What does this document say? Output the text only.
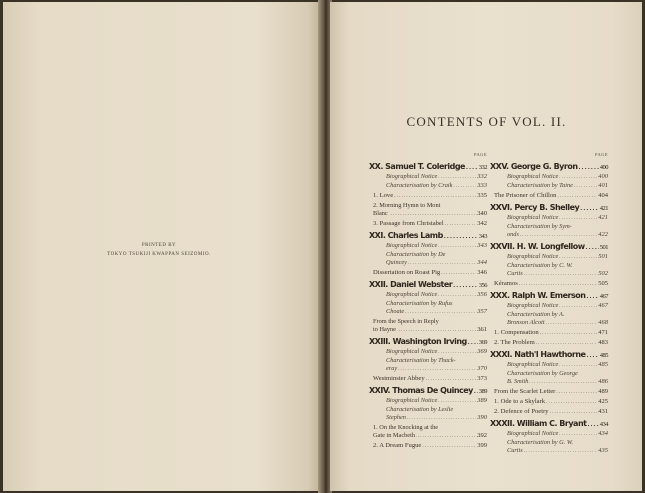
PRINTED BY
TOKYO TSUKIJI KWAPPAN SEIZOMIO.
CONTENTS OF VOL. II.
PAGE
XX. Samuel T. Coleridge ..... 332
Biographical Notice .....	332
Characterisation by Craik .....	333
1. Love .....	335
2. Morning Hymn to Mont
Blanc .....	340
3. Passage from Christabel .....	342
XXI. Charles Lamb .....	343
Biographical Notice .....	343
Characterisation by De
Quincey .....	344
Dissertation on Roast Pig .....	346
XXII. Daniel Webster .....	356
Biographical Notice .....	356
Characterisation by Rufus
Choate .....	357
From the Speech in Reply
to Hayne .....	361
XXIII. Washington Irving ..... 369
Biographical Notice .....	369
Characterisation by Thack-
eray .....	370
Westminster Abbey .....	373
XXIV. Thomas De Quincey ..... 389
Biographical Notice .....	389
Characterisation by Leslie
Stephen .....	390
1. On the Knocking at the
Gate in Macbeth .....	392
2. A Dream Fugue .....	399
PAGE
XXV. George G. Byron .....	400
Biographical Notice .....	400
Characterisation by Taine .....	401
The Prisoner of Chillon .....	404
XXVI. Percy B. Shelley .....	421
Biographical Notice .....	421
Characterisation by Sym-
onds .....	422
XXVII. H. W. Longfellow ..... 501
Biographical Notice .....	501
Characterisation by C. W.
Curtis .....	502
Kéramos .....	505
XXX. Ralph W. Emerson ..... 467
Biographical Notice .....	467
Characterisation by A.
Bronson Alcott .....	468
1. Compensation .....	471
2. The Problem .....	483
XXXI. Nath'l Hawthorne ..... 485
Biographical Notice .....	485
Characterisation by George
B. Smith .....	486
From the Scarlet Letter .....	489
1. Ode to a Skylark .....	425
2. Defence of Poetry .....	431
XXXII. William C. Bryant ..... 434
Biographical Notice .....	434
Characterisation by G. W.
Curtis .....	435
